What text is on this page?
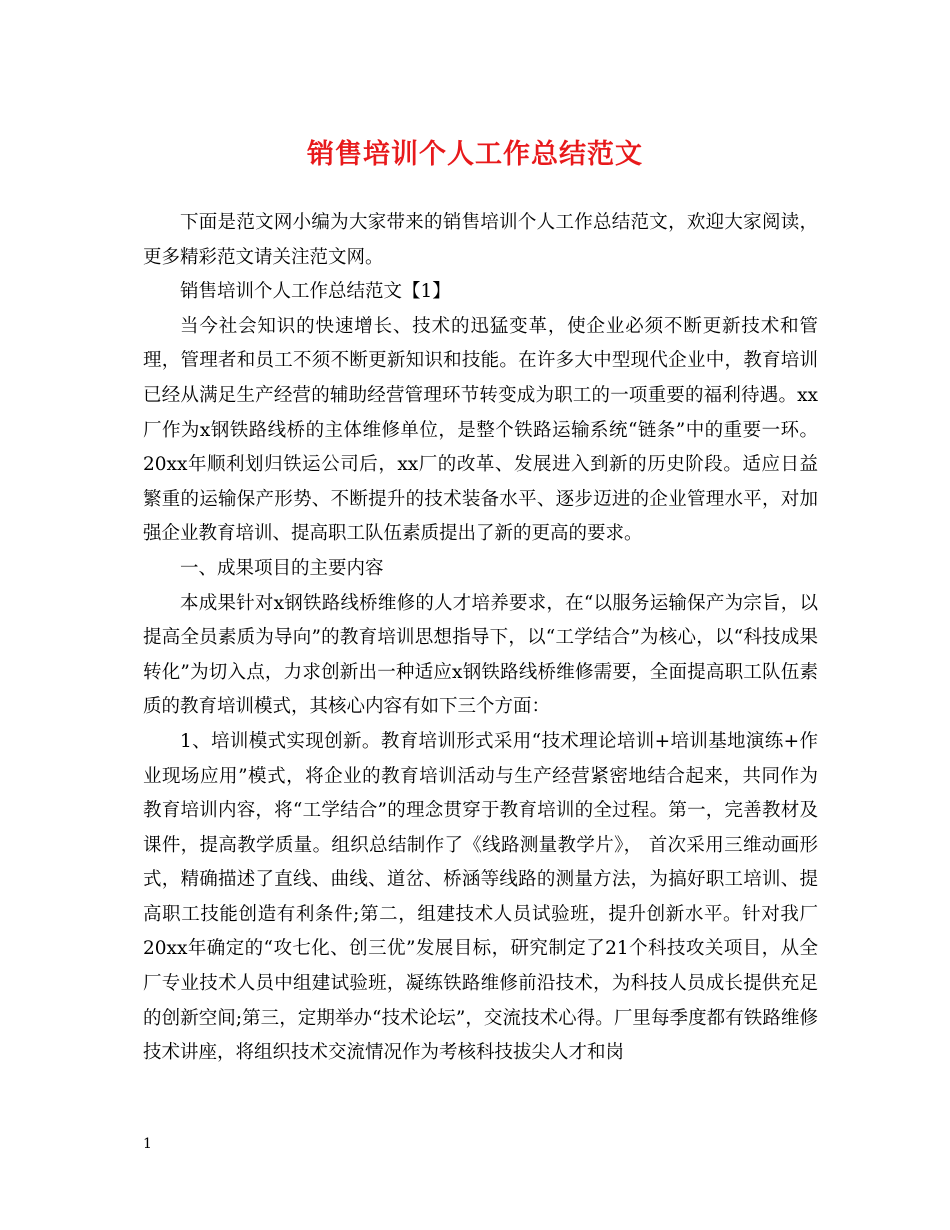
销售培训个人工作总结范文

下面是范文网小编为大家带来的销售培训个人工作总结范文，欢迎大家阅读，更多精彩范文请关注范文网。

销售培训个人工作总结范文【1】

当今社会知识的快速增长、技术的迅猛变革，使企业必须不断更新技术和管理，管理者和员工不须不断更新知识和技能。在许多大中型现代企业中，教育培训已经从满足生产经营的辅助经营管理环节转变成为职工的一项重要的福利待遇。xx厂作为x钢铁路线桥的主体维修单位，是整个铁路运输系统“链条”中的重要一环。20xx年顺利划归铁运公司后，xx厂的改革、发展进入到新的历史阶段。适应日益繁重的运输保产形势、不断提升的技术装备水平、逐步迈进的企业管理水平，对加强企业教育培训、提高职工队伍素质提出了新的更高的要求。

一、成果项目的主要内容

本成果针对x钢铁路线桥维修的人才培养要求，在“以服务运输保产为宗旨，以提高全员素质为导向”的教育培训思想指导下，以“工学结合”为核心，以“科技成果转化”为切入点，力求创新出一种适应x钢铁路线桥维修需要，全面提高职工队伍素质的教育培训模式，其核心内容有如下三个方面：

1、培训模式实现创新。教育培训形式采用“技术理论培训+培训基地演练+作业现场应用”模式，将企业的教育培训活动与生产经营紧密地结合起来，共同作为教育培训内容，将“工学结合”的理念贯穿于教育培训的全过程。第一，完善教材及课件，提高教学质量。组织总结制作了《线路测量教学片》， 首次采用三维动画形式，精确描述了直线、曲线、道岔、桥涵等线路的测量方法，为搞好职工培训、提高职工技能创造有利条件;第二，组建技术人员试验班，提升创新水平。针对我厂20xx年确定的“攻七化、创三优”发展目标，研究制定了21个科技攻关项目，从全厂专业技术人员中组建试验班，凝练铁路维修前沿技术，为科技人员成长提供充足的创新空间;第三，定期举办“技术论坛”，交流技术心得。厂里每季度都有铁路维修技术讲座，将组织技术交流情况作为考核科技拔尖人才和岗

1
